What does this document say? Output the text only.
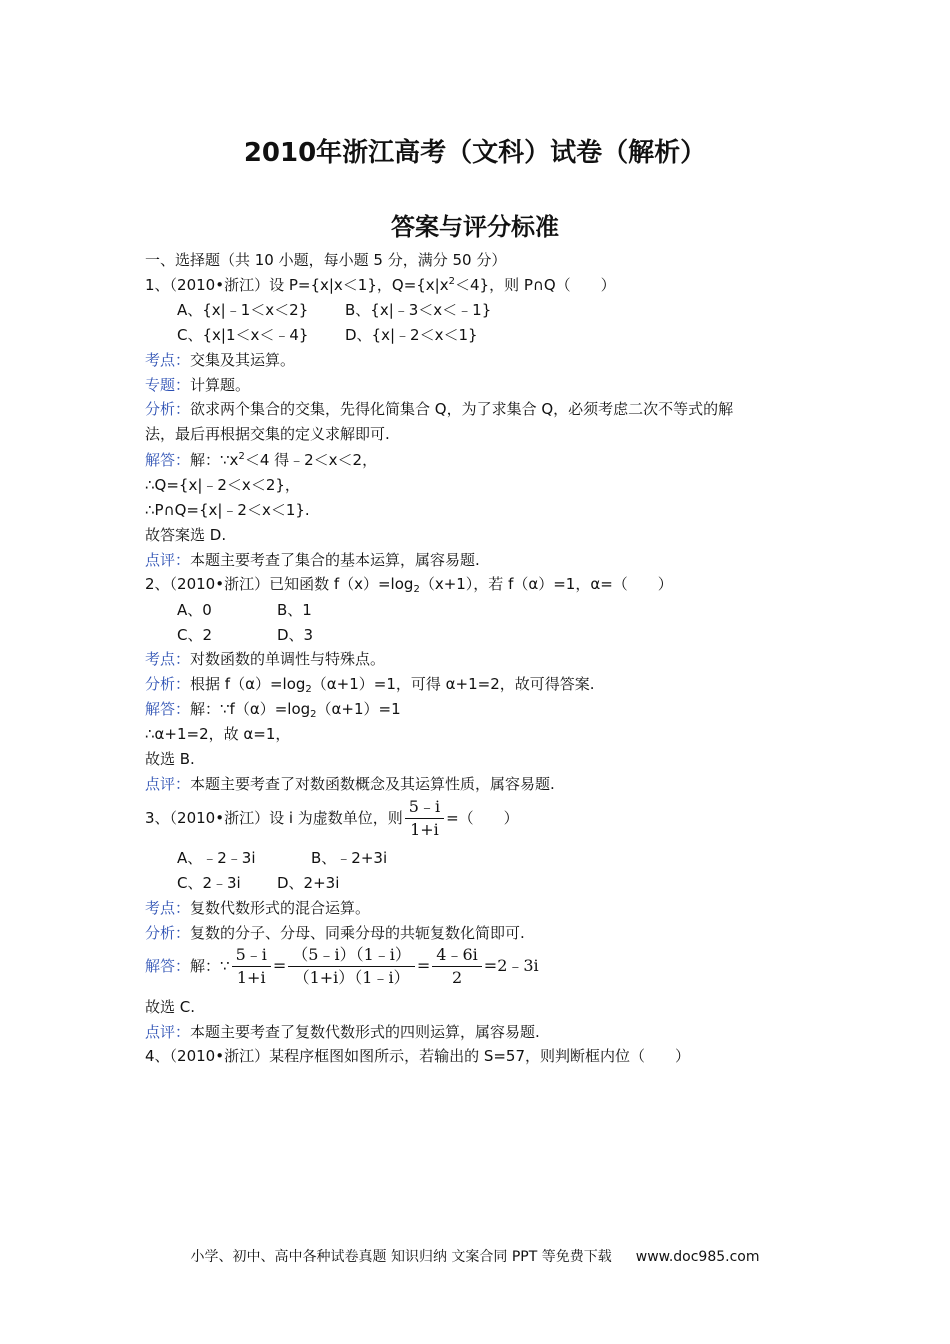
2010年浙江高考（文科）试卷（解析）
答案与评分标准
一、选择题（共 10 小题，每小题 5 分，满分 50 分）
1、（2010•浙江）设 P={x|x＜1}，$Q=\{x|x^2<4\}$，则 P∩Q（　　）
A、{x|﹣1＜x＜2} B、{x|﹣3＜x＜﹣1}
C、{x|1＜x＜﹣4} D、{x|﹣2＜x＜1}
考点：交集及其运算。
专题：计算题。
分析：欲求两个集合的交集，先得化简集合 Q，为了求集合 Q，必须考虑二次不等式的解
法，最后再根据交集的定义求解即可.
解答：解：$\because x^2<4$ 得﹣2＜x＜2，
∴Q={x|﹣2＜x＜2}，
∴P∩Q={x|﹣2＜x＜1}.
故答案选 D.
点评：本题主要考查了集合的基本运算，属容易题.
2、（2010•浙江）已知函数 $f(x)=\log_2(x+1)$，若 f（α）=1，α=（　　）
A、0	B、1
C、2	D、3
考点：对数函数的单调性与特殊点。
分析：根据 $f(\alpha)=\log_2(\alpha+1)=1$，可得 α+1=2，故可得答案.
解答：解：$\because f(\alpha)=\log_2(\alpha+1)=1$
∴α+1=2，故 α=1，
故选 B.
点评：本题主要考查了对数函数概念及其运算性质，属容易题.
3、（2010•浙江）设 i 为虚数单位，则 $\frac{5﹣i}{1+i}$ =（　　）
A、﹣2﹣3i	B、﹣2+3i
C、2﹣3i D、2+3i
考点：复数代数形式的混合运算。
分析：复数的分子、分母、同乘分母的共轭复数化简即可.
解答：解：∵ $\frac{5﹣i}{1+i} = \frac{(5﹣i)(1﹣i)}{(1+i)(1﹣i)} = \frac{4﹣6i}{2}$ =2﹣3i
故选 C.
点评：本题主要考查了复数代数形式的四则运算，属容易题.
4、（2010•浙江）某程序框图如图所示，若输出的 S=57，则判断框内位（　　）
小学、初中、高中各种试卷真题 知识归纳 文案合同 PPT 等免费下载 www.doc985.com
